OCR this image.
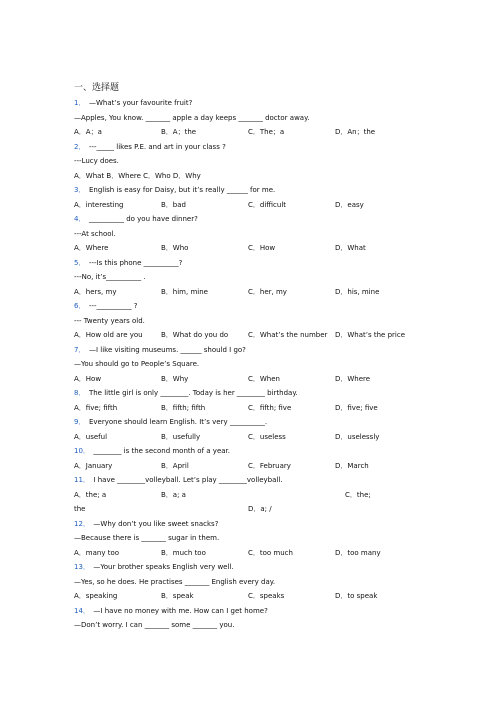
一、选择题
1．  —What’s your favourite fruit?
—Apples, You know. _______ apple a day keeps _______ doctor away.
A．A；a	B．A；the	C．The；a	D．An；the
2．  ---_____ likes P.E. and art in your class ?
---Lucy does.
A．What B．Where C．Who D．Why
3．  English is easy for Daisy, but it’s really ______ for me.
A．interesting	B．bad	C．difficult	D．easy
4．  __________ do you have dinner?
---At school.
A．Where	B．Who	C．How	D．What
5．  ---Is this phone __________?
---No, it’s__________ .
A．hers, my	B．him, mine	C．her, my	D．his, mine
6．  ---__________ ?
--- Twenty years old.
A．How old are you	B．What do you do	C．What’s the number D．What’s the price
7．  —I like visiting museums. ______ should I go?
—You should go to People’s Square.
A．How	B．Why	C．When	D．Where
8．  The little girl is only ________. Today is her ________ birthday.
A．five; fifth	B．fifth; fifth	C．fifth; five	D．five; five
9．  Everyone should learn English. It’s very __________.
A．useful	B．usefully	C．useless	D．uselessly
10．  ________ is the second month of a year.
A．January	B．April	C．February	D．March
11．  I have ________volleyball. Let’s play ________volleyball.
A．the; a	B．a; a	C．the;
the	D．a; /
12．  —Why don’t you like sweet snacks?
—Because there is _______ sugar in them.
A．many too	B．much too	C．too much	D．too many
13．  —Your brother speaks English very well.
—Yes, so he does. He practises _______ English every day.
A．speaking	B．speak	C．speaks	D．to speak
14．  —I have no money with me. How can I get home?
—Don’t worry. I can _______ some _______ you.
